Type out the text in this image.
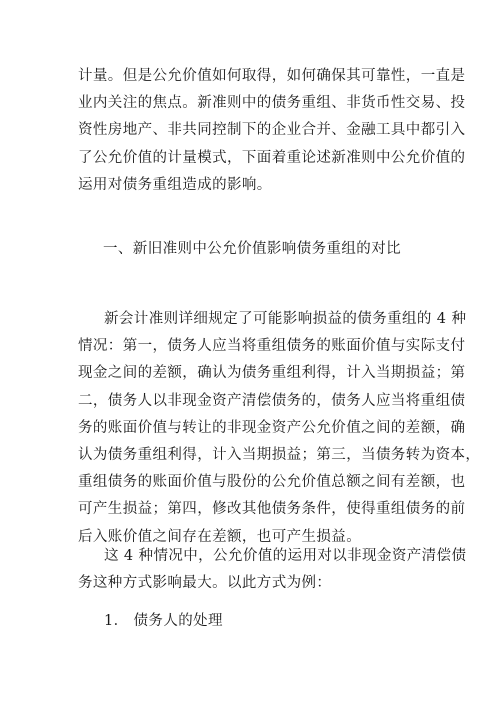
计量。但是公允价值如何取得，如何确保其可靠性，一直是
业内关注的焦点。新准则中的债务重组、非货币性交易、投
资性房地产、非共同控制下的企业合并、金融工具中都引入
了公允价值的计量模式，下面着重论述新准则中公允价值的
运用对债务重组造成的影响。
一、新旧准则中公允价值影响债务重组的对比
新会计准则详细规定了可能影响损益的债务重组的 4 种
情况：第一，债务人应当将重组债务的账面价值与实际支付
现金之间的差额，确认为债务重组利得，计入当期损益；第
二，债务人以非现金资产清偿债务的，债务人应当将重组债
务的账面价值与转让的非现金资产公允价值之间的差额，确
认为债务重组利得，计入当期损益；第三，当债务转为资本，
重组债务的账面价值与股份的公允价值总额之间有差额，也
可产生损益；第四，修改其他债务条件，使得重组债务的前
后入账价值之间存在差额，也可产生损益。
这 4 种情况中，公允价值的运用对以非现金资产清偿债
务这种方式影响最大。以此方式为例：
1． 债务人的处理
